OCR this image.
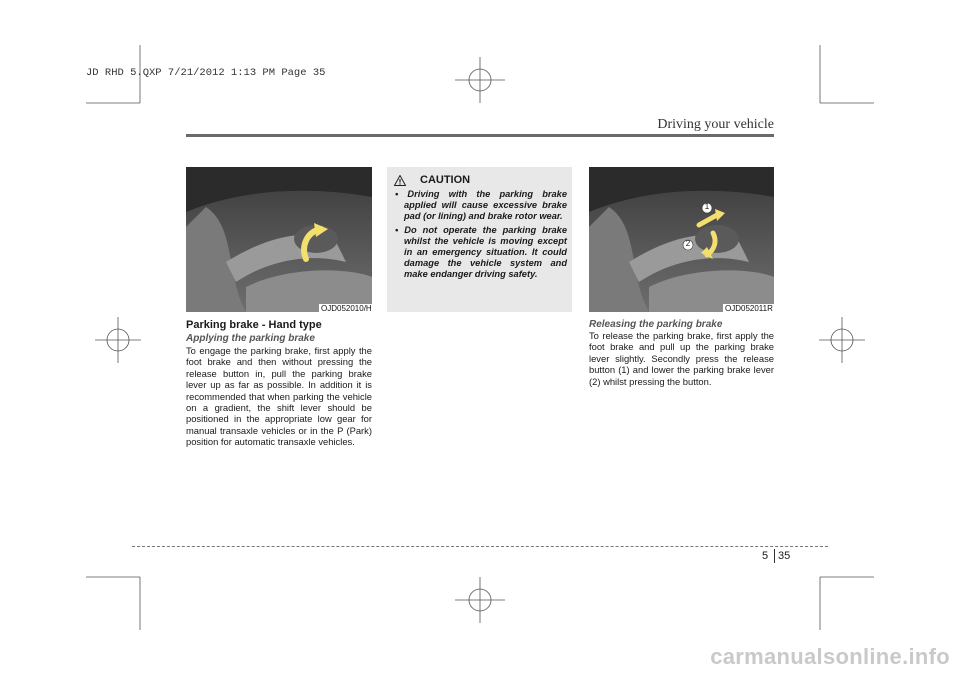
JD RHD 5.QXP 7/21/2012 1:13 PM Page 35
Driving your vehicle
OJD052010/H
Parking brake - Hand type
Applying the parking brake
To engage the parking brake, first apply the foot brake and then without pressing the release button in, pull the parking brake lever up as far as possible. In addition it is recommended that when parking the vehicle on a gradient, the shift lever should be positioned in the appropriate low gear for manual transaxle vehicles or in the P (Park) position for automatic transaxle vehicles.
CAUTION
• Driving with the parking brake applied will cause excessive brake pad (or lining) and brake rotor wear.
• Do not operate the parking brake whilst the vehicle is moving except in an emergency situation. It could damage the vehicle system and make endanger driving safety.
1
2
OJD052011R
Releasing the parking brake
To release the parking brake, first apply the foot brake and pull up the parking brake lever slightly. Secondly press the release button (1) and lower the parking brake lever (2) whilst pressing the button.
5 35
carmanualsonline.info
